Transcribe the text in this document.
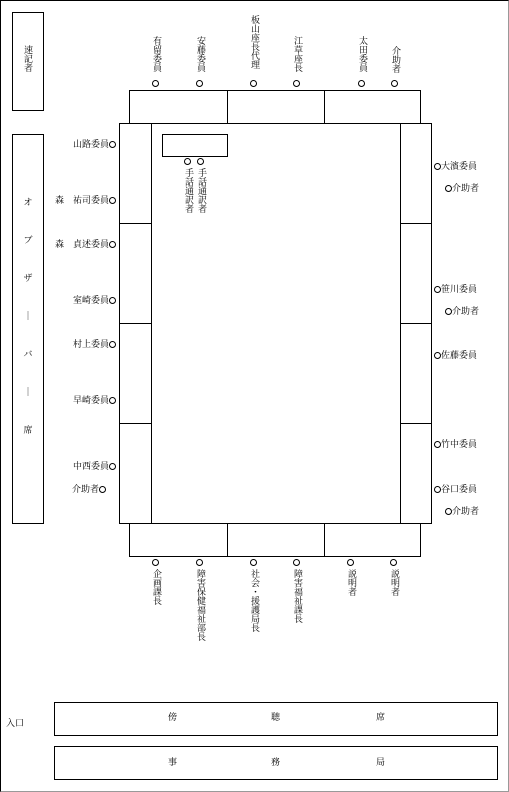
速記者
オ
ブ
ザ
｜
バ
｜
席
有留委員	安藤委員	板山座長代理	江草座長	太田委員	介助者
手話通訳者 手話通訳者
山路委員
森　祐司委員
森　貞述委員
室崎委員
村上委員
早崎委員
中西委員
介助者
大濱委員
介助者
笹川委員
介助者
佐藤委員
竹中委員
谷口委員
介助者
企画課長	障害保健福祉部長	社会・援護局長	障害福祉課長	説明者	説明者
入口
傍	聴	席
事	務	局
